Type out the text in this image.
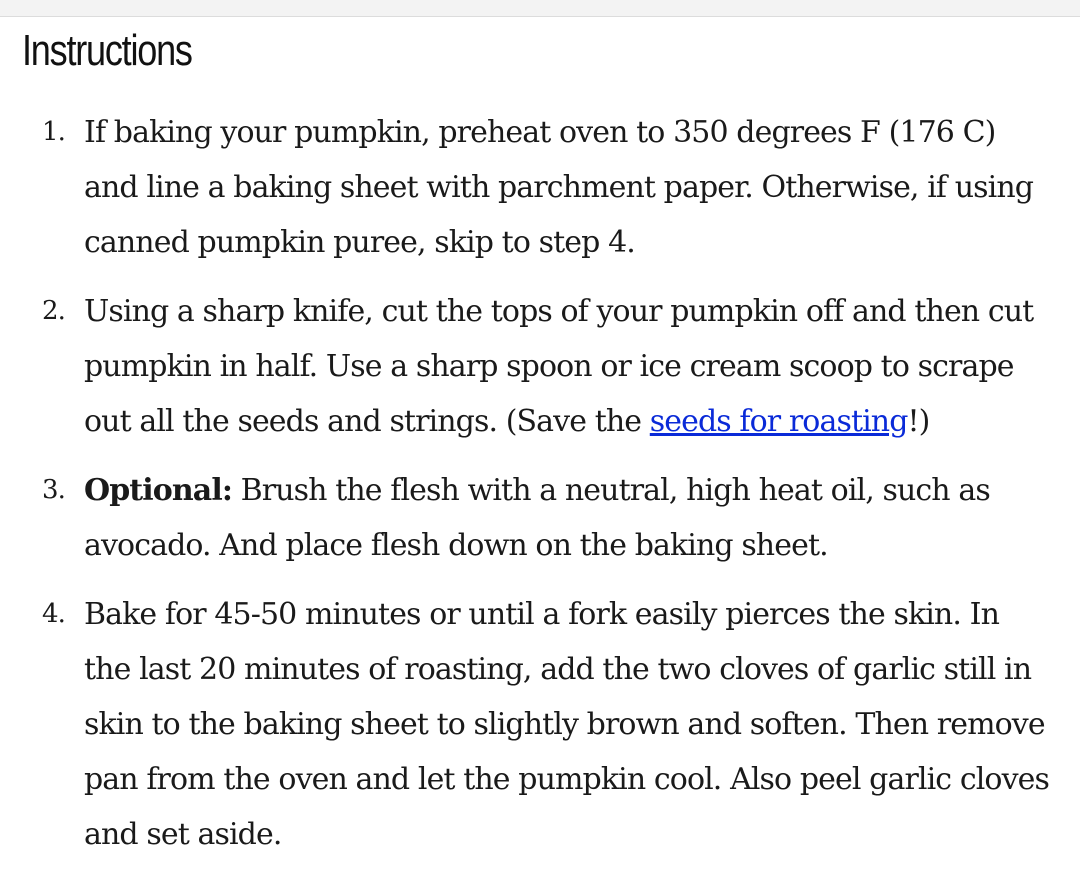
Instructions
1. If baking your pumpkin, preheat oven to 350 degrees F (176 C) and line a baking sheet with parchment paper. Otherwise, if using canned pumpkin puree, skip to step 4.
2. Using a sharp knife, cut the tops of your pumpkin off and then cut pumpkin in half. Use a sharp spoon or ice cream scoop to scrape out all the seeds and strings. (Save the seeds for roasting!)
3. Optional: Brush the flesh with a neutral, high heat oil, such as avocado. And place flesh down on the baking sheet.
4. Bake for 45-50 minutes or until a fork easily pierces the skin. In the last 20 minutes of roasting, add the two cloves of garlic still in skin to the baking sheet to slightly brown and soften. Then remove pan from the oven and let the pumpkin cool. Also peel garlic cloves and set aside.
